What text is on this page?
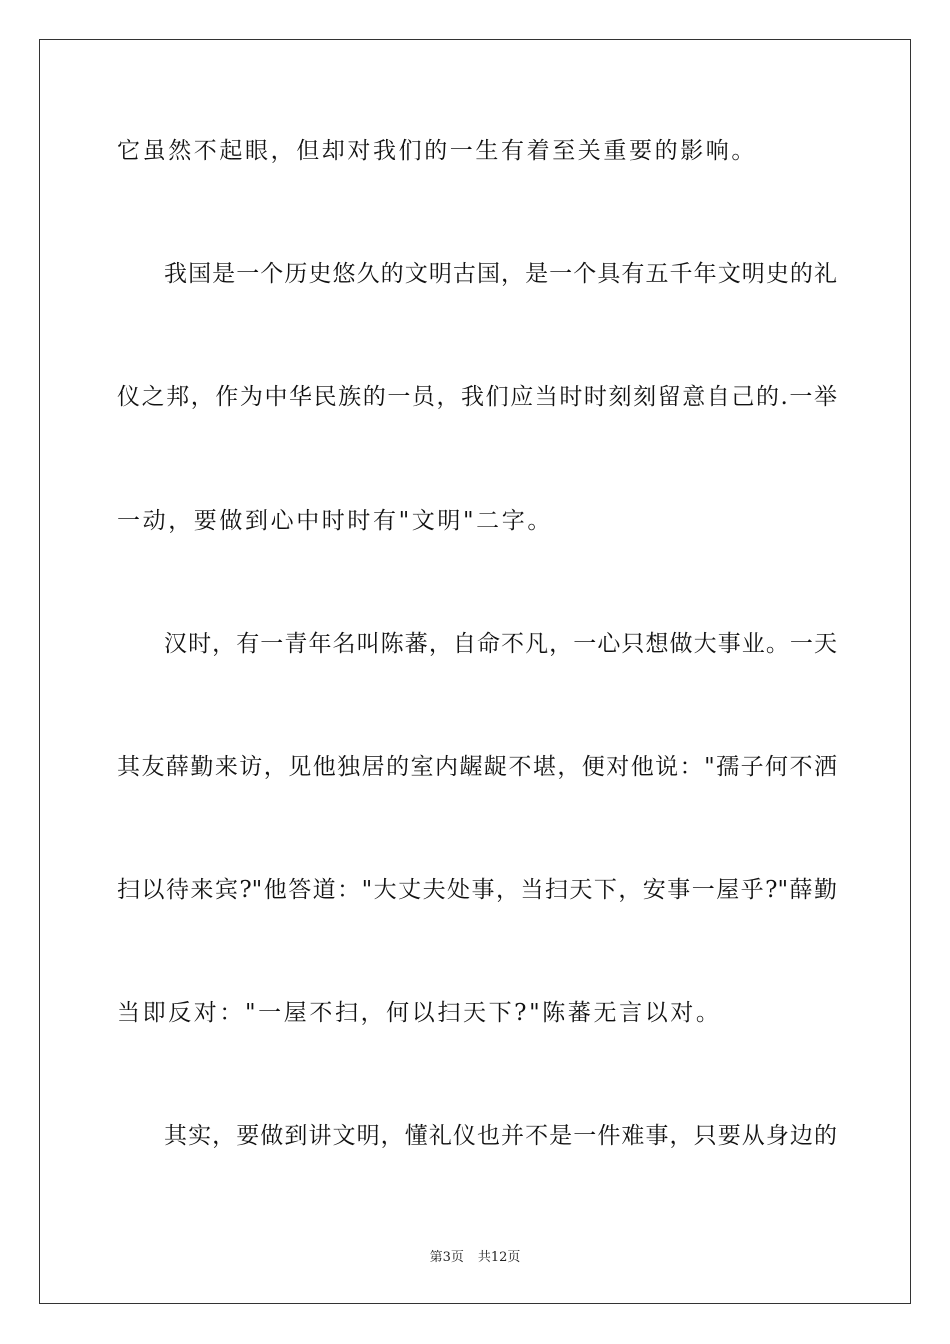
它虽然不起眼，但却对我们的一生有着至关重要的影响。
我国是一个历史悠久的文明古国，是一个具有五千年文明史的礼
仪之邦，作为中华民族的一员，我们应当时时刻刻留意自己的.一举
一动，要做到心中时时有"文明"二字。
汉时，有一青年名叫陈蕃，自命不凡，一心只想做大事业。一天
其友薛勤来访，见他独居的室内龌龊不堪，便对他说："孺子何不洒
扫以待来宾?"他答道："大丈夫处事，当扫天下，安事一屋乎?"薛勤
当即反对："一屋不扫，何以扫天下?"陈蕃无言以对。
其实，要做到讲文明，懂礼仪也并不是一件难事，只要从身边的
第3页 共12页
